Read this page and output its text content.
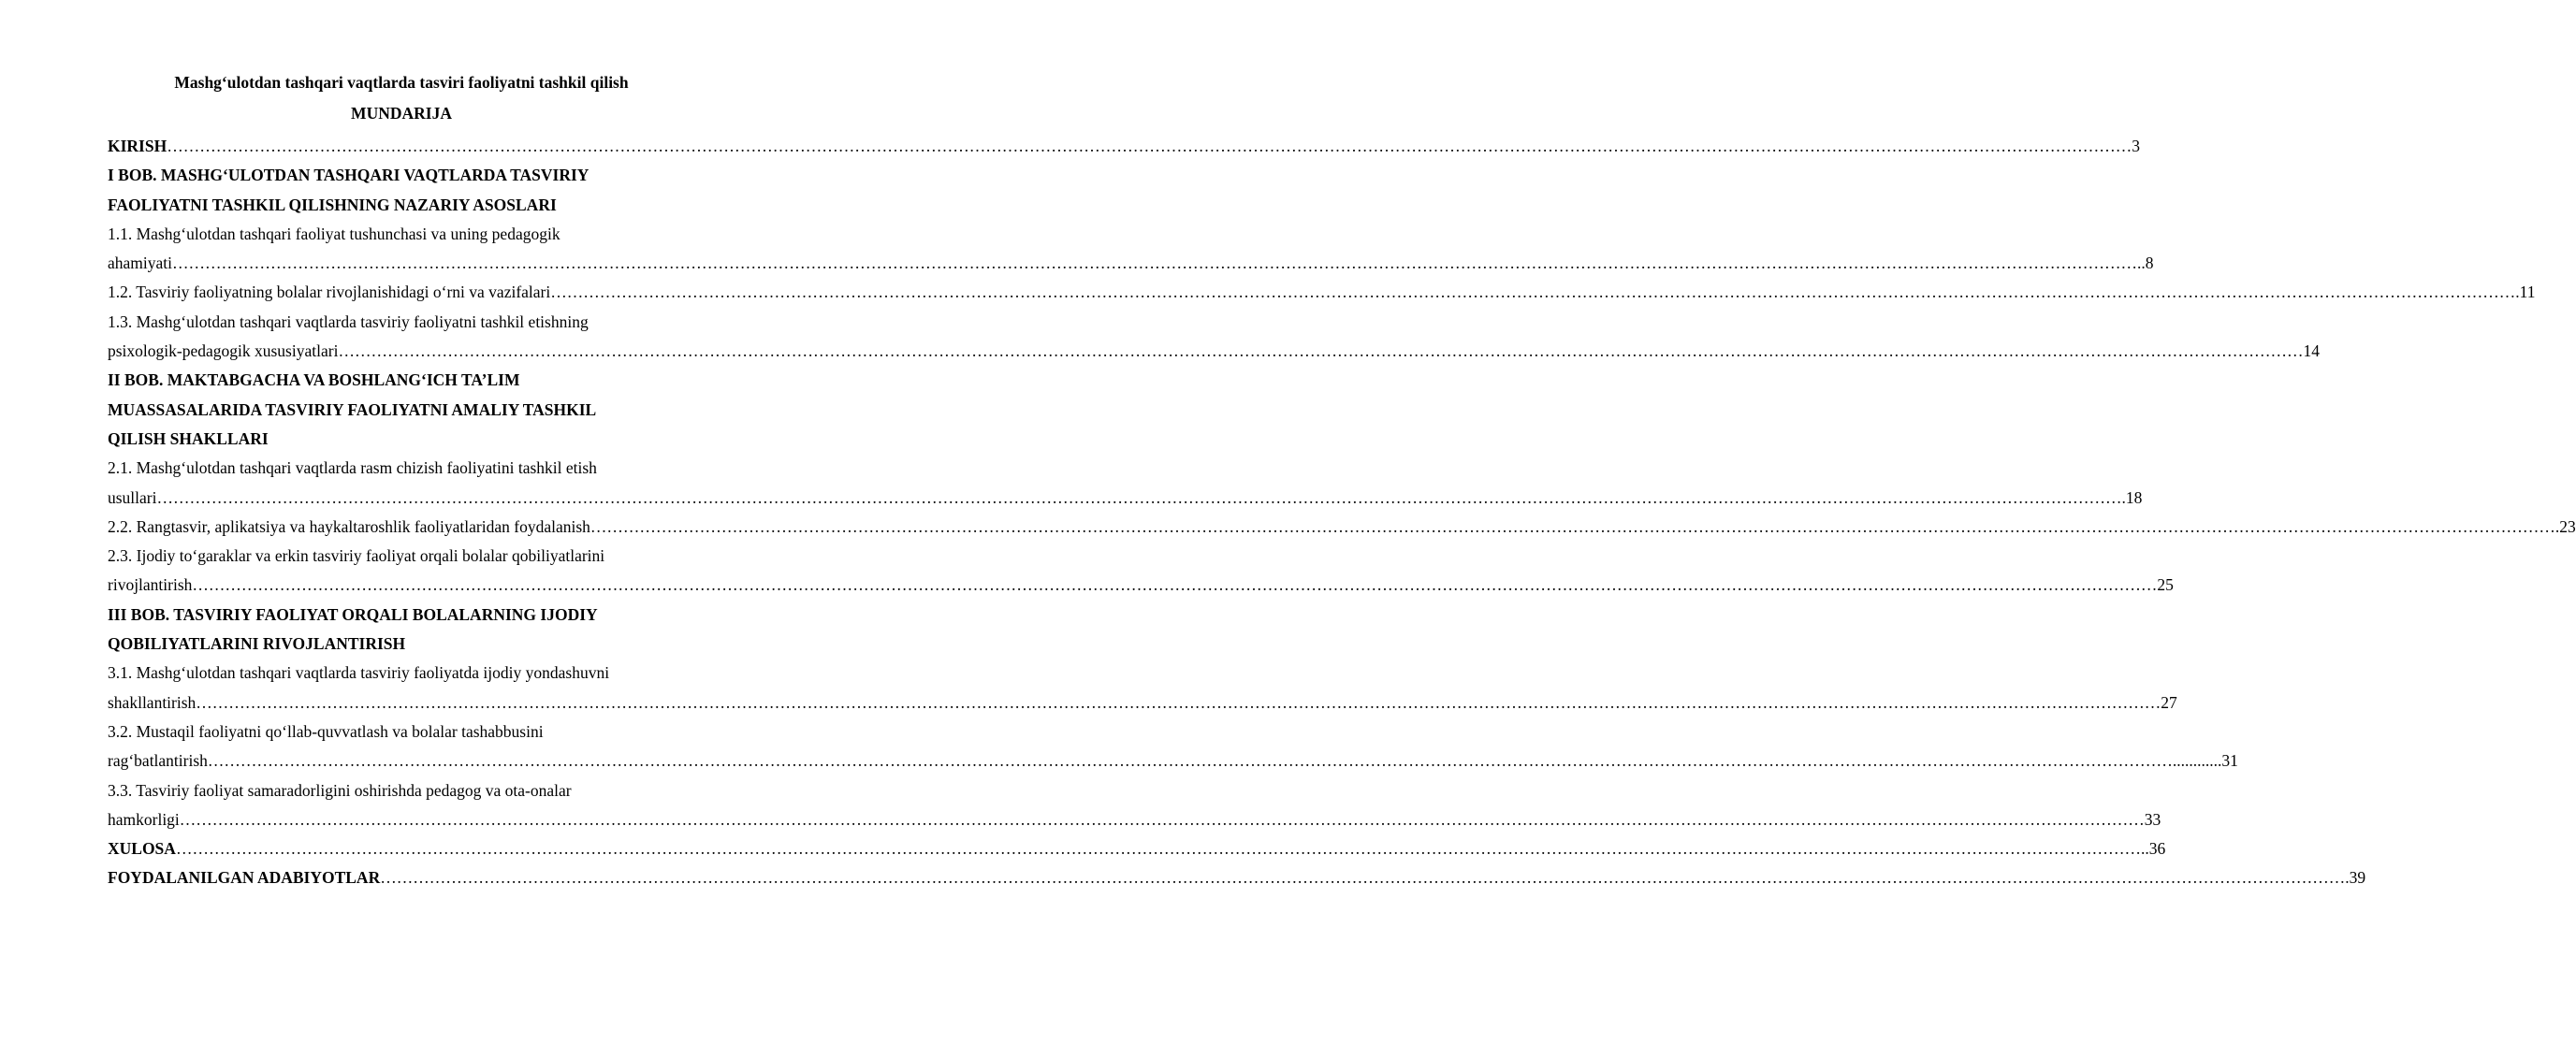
Mashg‘ulotdan tashqari vaqtlarda tasviri faoliyatni tashkil qilish
MUNDARIJA
KIRISH ……………………………………………………………………………………………………………………………………………………………………………………………………………………………………………………………………………………………………………………………… 3
I BOB. MASHG‘ULOTDAN TASHQARI VAQTLARDA TASVIRIY
FAOLIYATNI TASHKIL QILISHNING NAZARIY ASOSLARI
1.1. Mashg‘ulotdan tashqari faoliyat tushunchasi va uning pedagogik
ahamiyati ……………………………………………………………………………………………………………………………………………………………………………………………………………………………………………………………………………………………………………………………… ..8
1.2. Tasviriy faoliyatning bolalar rivojlanishidagi o‘rni va vazifalari ……………………………………………………………………………………………………………………………………………………………………………………………………………………………………………………………………………………………………………………………… .11
1.3. Mashg‘ulotdan tashqari vaqtlarda tasviriy faoliyatni tashkil etishning
psixologik-pedagogik xususiyatlari ……………………………………………………………………………………………………………………………………………………………………………………………………………………………………………………………………………………………………………………………… 14
II BOB. MAKTABGACHA VA BOSHLANG‘ICH TA’LIM
MUASSASALARIDA TASVIRIY FAOLIYATNI AMALIY TASHKIL
QILISH SHAKLLARI
2.1. Mashg‘ulotdan tashqari vaqtlarda rasm chizish faoliyatini tashkil etish
usullari ……………………………………………………………………………………………………………………………………………………………………………………………………………………………………………………………………………………………………………………………… .18
2.2. Rangtasvir, aplikatsiya va haykaltaroshlik faoliyatlaridan foydalanish ……………………………………………………………………………………………………………………………………………………………………………………………………………………………………………………………………………………………………………………………… .23
2.3. Ijodiy to‘garaklar va erkin tasviriy faoliyat orqali bolalar qobiliyatlarini
rivojlantirish ……………………………………………………………………………………………………………………………………………………………………………………………………………………………………………………………………………………………………………………………… 25
III BOB. TASVIRIY FAOLIYAT ORQALI BOLALARNING IJODIY
QOBILIYATLARINI RIVOJLANTIRISH
3.1. Mashg‘ulotdan tashqari vaqtlarda tasviriy faoliyatda ijodiy yondashuvni
shakllantirish ……………………………………………………………………………………………………………………………………………………………………………………………………………………………………………………………………………………………………………………………… 27
3.2. Mustaqil faoliyatni qo‘llab-quvvatlash va bolalar tashabbusini
rag‘batlantirish ……………………………………………………………………………………………………………………………………………………………………………………………………………………………………………………………………………………………………………………………… ............31
3.3. Tasviriy faoliyat samaradorligini oshirishda pedagog va ota-onalar
hamkorligi ……………………………………………………………………………………………………………………………………………………………………………………………………………………………………………………………………………………………………………………………… 33
XULOSA ……………………………………………………………………………………………………………………………………………………………………………………………………………………………………………………………………………………………………………………………… ..36
FOYDALANILGAN ADABIYOTLAR ……………………………………………………………………………………………………………………………………………………………………………………………………………………………………………………………………………………………………………………………… .39
